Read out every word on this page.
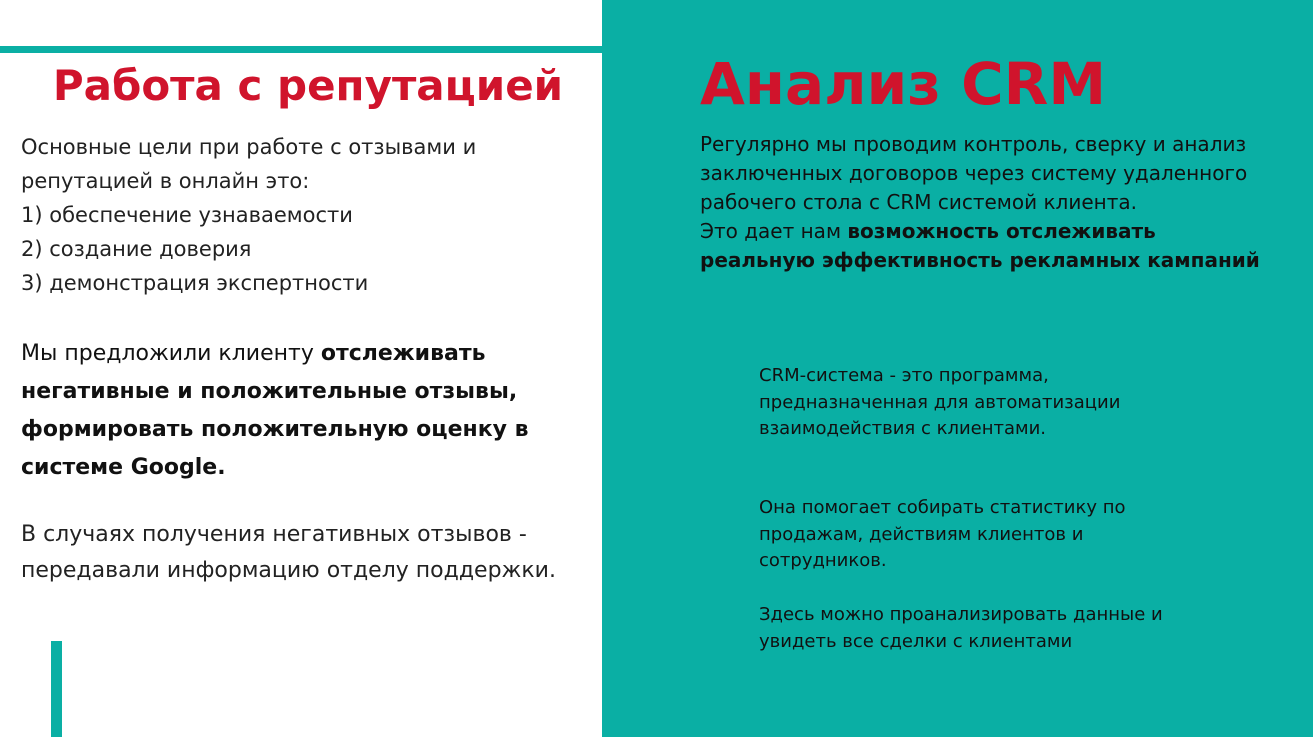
Работа с репутацией

Основные цели при работе с отзывами и

репутацией в онлайн это:

1) обеспечение узнаваемости

2) создание доверия

3) демонстрация экспертности

Мы предложили клиенту отслеживать негативные и положительные отзывы, формировать положительную оценку в системе Google.
В случаях получения негативных отзывов - передавали информацию отделу поддержки.
Анализ CRM

Регулярно мы проводим контроль, сверку и анализ заключенных договоров через систему удаленного рабочего стола с CRM системой клиента.

Это дает нам возможность отслеживать реальную эффективность рекламных кампаний

CRM-система - это программа, предназначенная для автоматизации взаимодействия с клиентами.

Она помогает собирать статистику по продажам, действиям клиентов и сотрудников.

Здесь можно проанализировать данные и увидеть все сделки с клиентами
